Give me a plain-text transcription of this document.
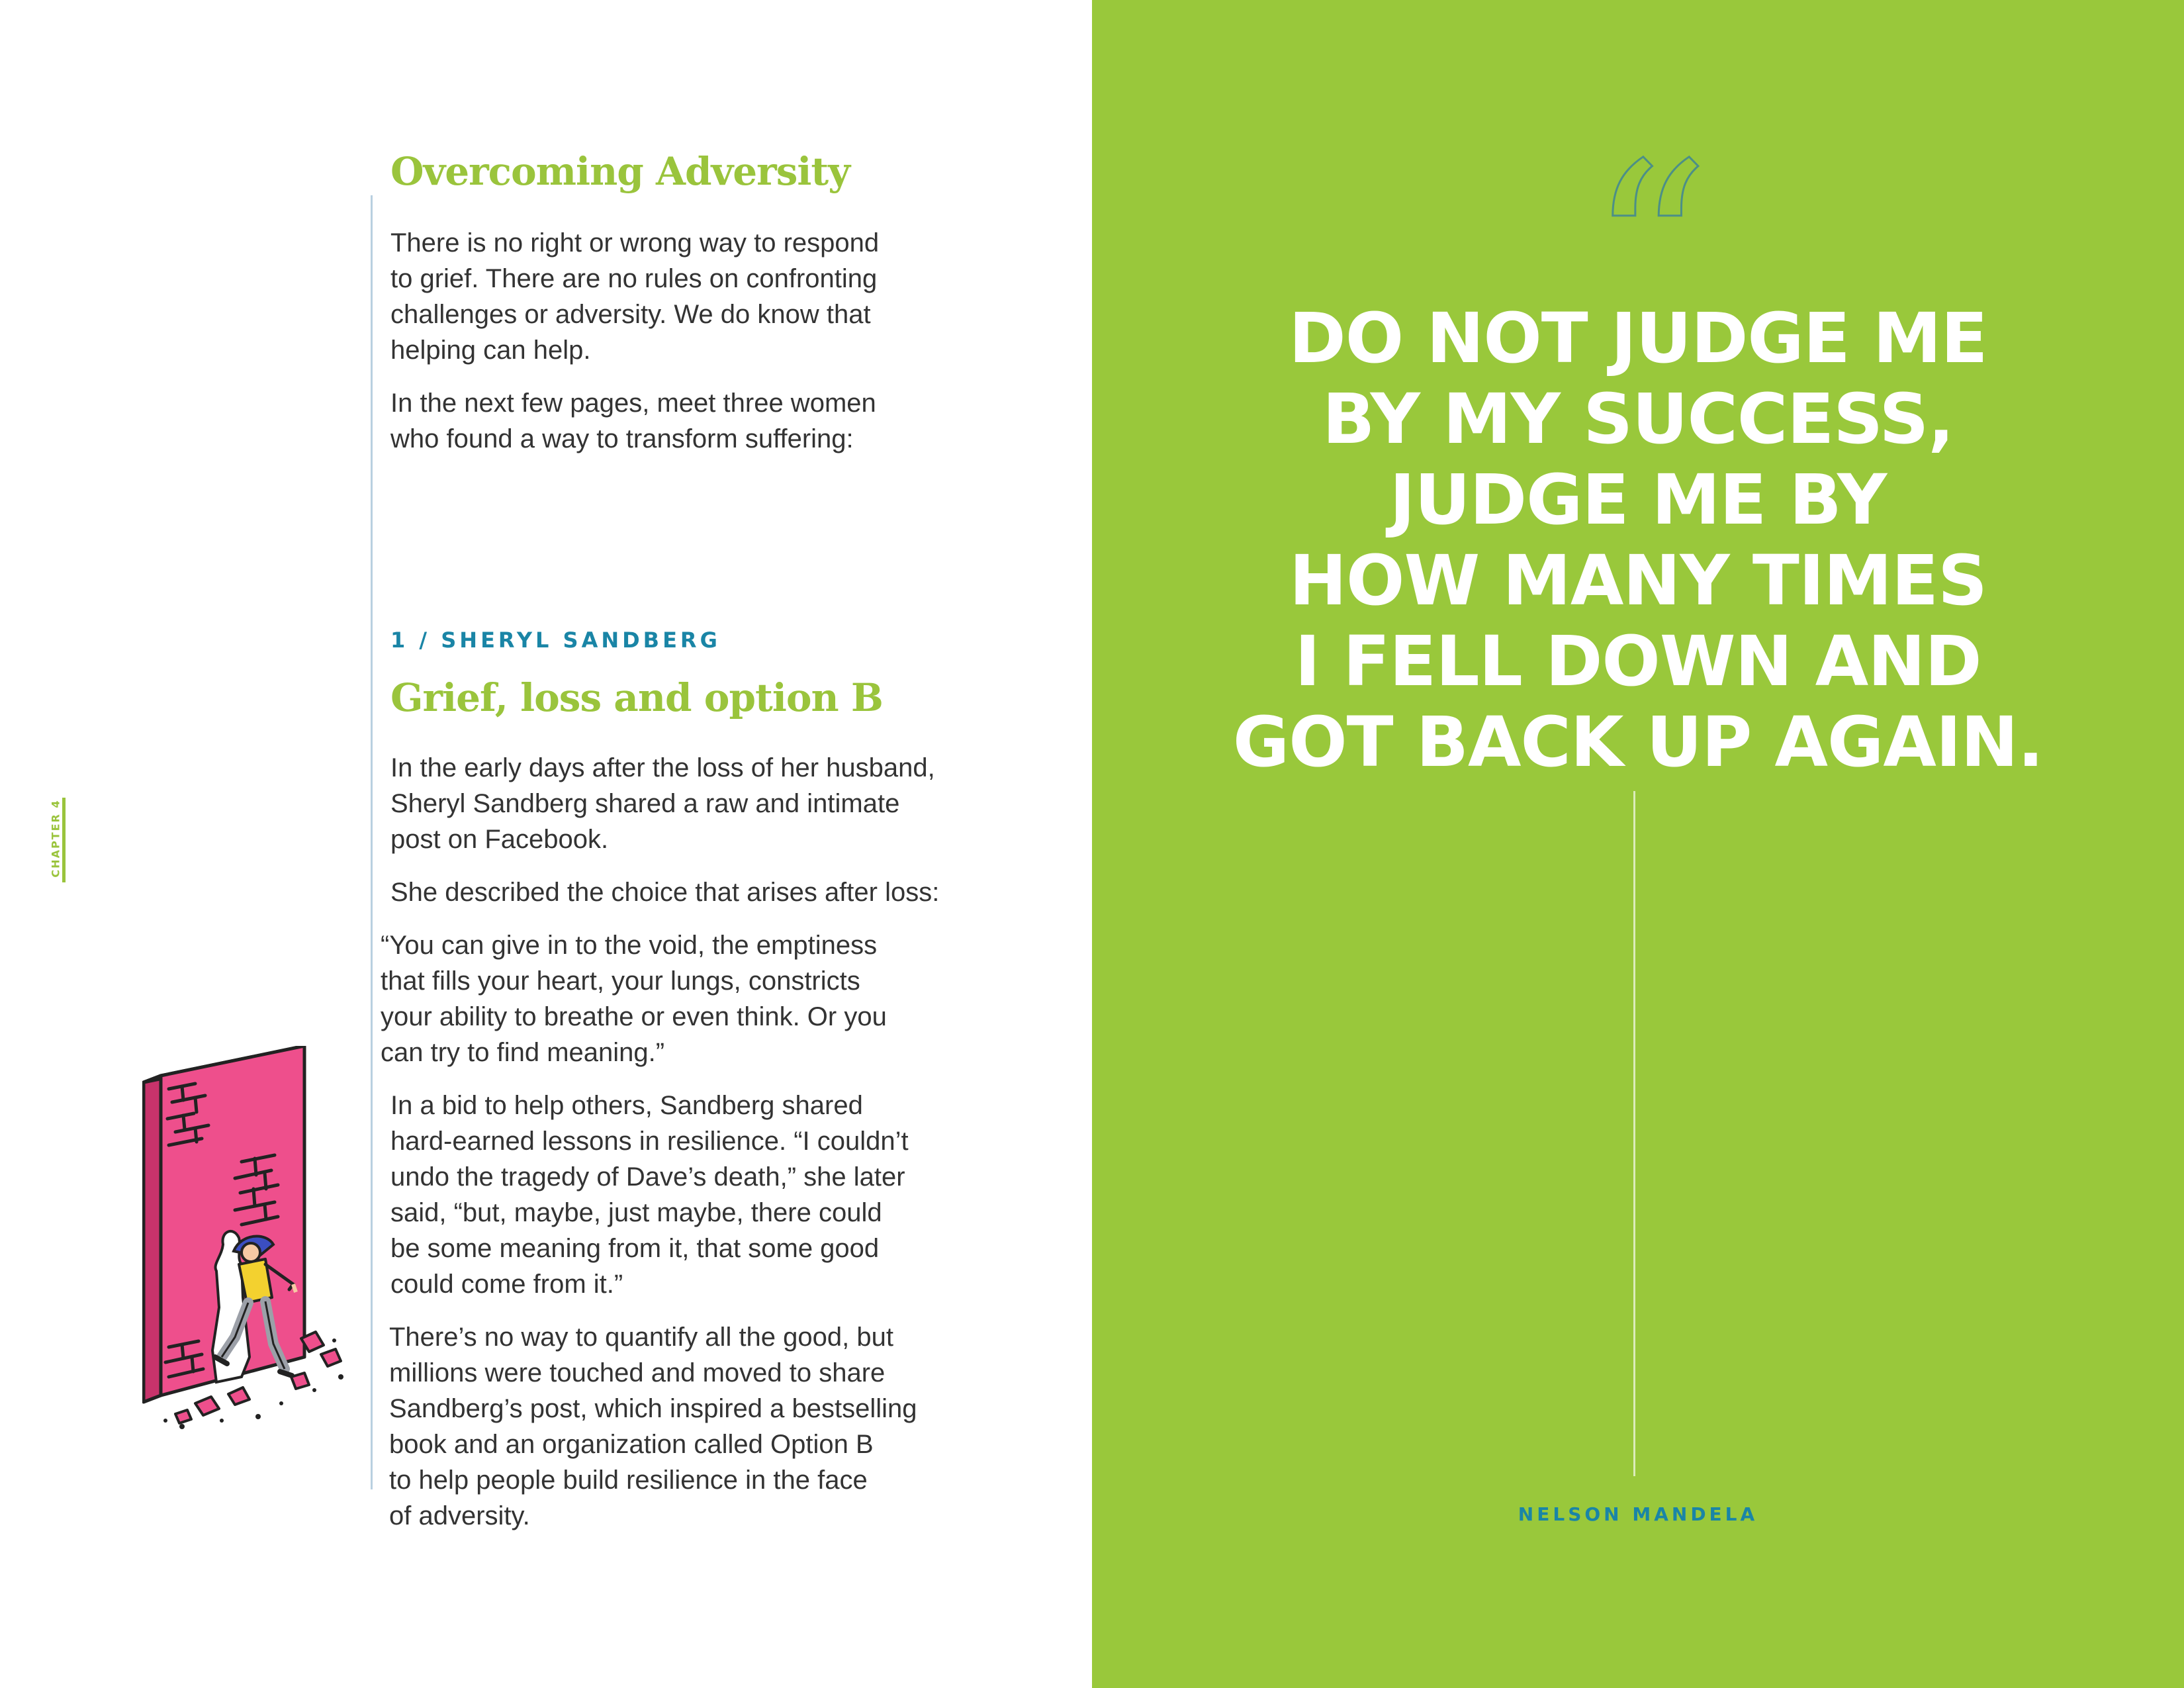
CHAPTER 4
Overcoming Adversity

There is no right or wrong way to respond
to grief. There are no rules on confronting
challenges or adversity. We do know that
helping can help.

In the next few pages, meet three women
who found a way to transform suffering:

1 / SHERYL SANDBERG
Grief, loss and option B

In the early days after the loss of her husband,
Sheryl Sandberg shared a raw and intimate
post on Facebook.

She described the choice that arises after loss:

“You can give in to the void, the emptiness
that fills your heart, your lungs, constricts
your ability to breathe or even think. Or you
can try to find meaning.”

In a bid to help others, Sandberg shared
hard-earned lessons in resilience. “I couldn’t
undo the tragedy of Dave’s death,” she later
said, “but, maybe, just maybe, there could
be some meaning from it, that some good
could come from it.”

There’s no way to quantify all the good, but
millions were touched and moved to share
Sandberg’s post, which inspired a bestselling
book and an organization called Option B
to help people build resilience in the face
of adversity.

“

DO NOT JUDGE ME
BY MY SUCCESS,
JUDGE ME BY
HOW MANY TIMES
I FELL DOWN AND
GOT BACK UP AGAIN.

NELSON MANDELA
